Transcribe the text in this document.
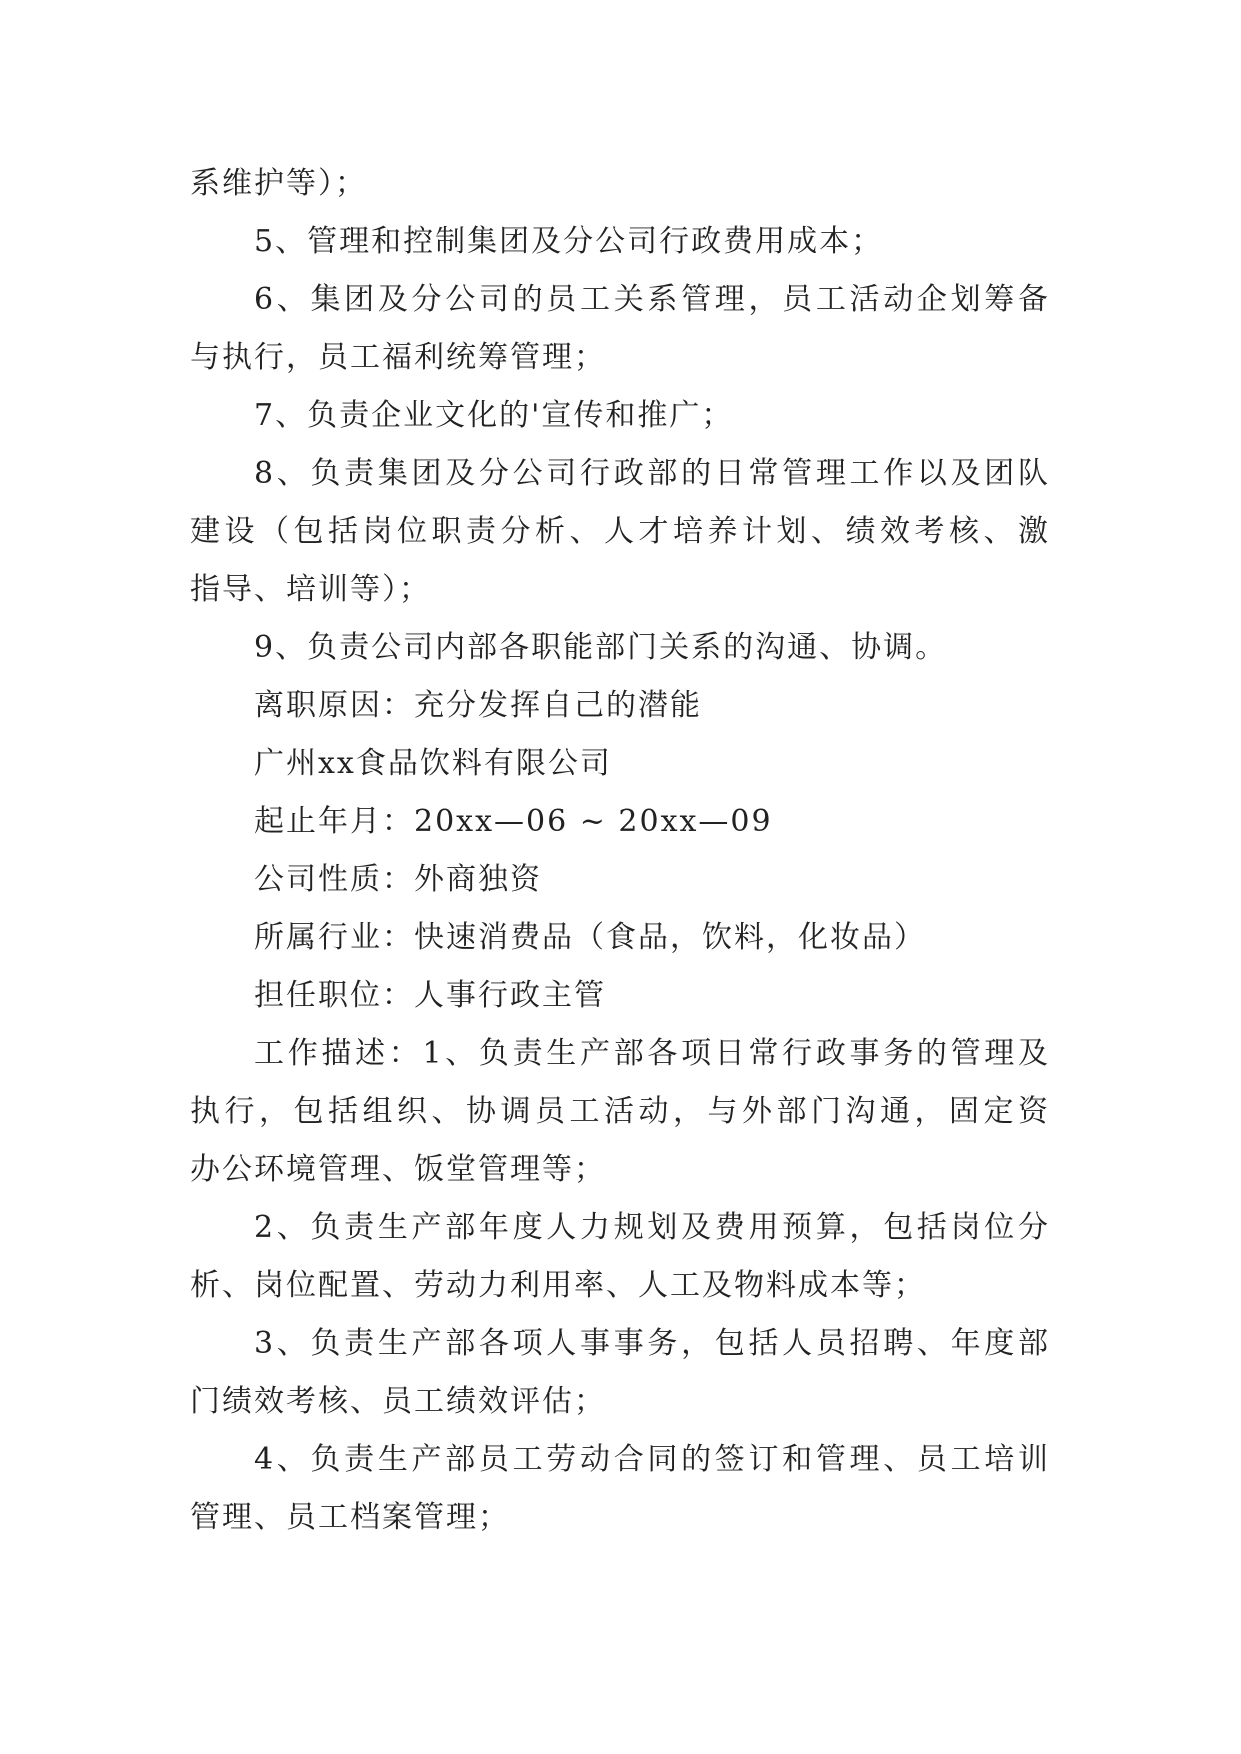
系维护等）；
5、管理和控制集团及分公司行政费用成本；
6、集团及分公司的员工关系管理，员工活动企划筹备
与执行，员工福利统筹管理；
7、负责企业文化的'宣传和推广；
8、负责集团及分公司行政部的日常管理工作以及团队
建设（包括岗位职责分析、人才培养计划、绩效考核、激
指导、培训等）；
9、负责公司内部各职能部门关系的沟通、协调。
离职原因：充分发挥自己的潜能
广州xx食品饮料有限公司
起止年月：20xx—06 ~ 20xx—09
公司性质：外商独资
所属行业：快速消费品（食品，饮料，化妆品）
担任职位：人事行政主管
工作描述：1、负责生产部各项日常行政事务的管理及
执行，包括组织、协调员工活动，与外部门沟通，固定资
办公环境管理、饭堂管理等；
2、负责生产部年度人力规划及费用预算，包括岗位分
析、岗位配置、劳动力利用率、人工及物料成本等；
3、负责生产部各项人事事务，包括人员招聘、年度部
门绩效考核、员工绩效评估；
4、负责生产部员工劳动合同的签订和管理、员工培训
管理、员工档案管理；
